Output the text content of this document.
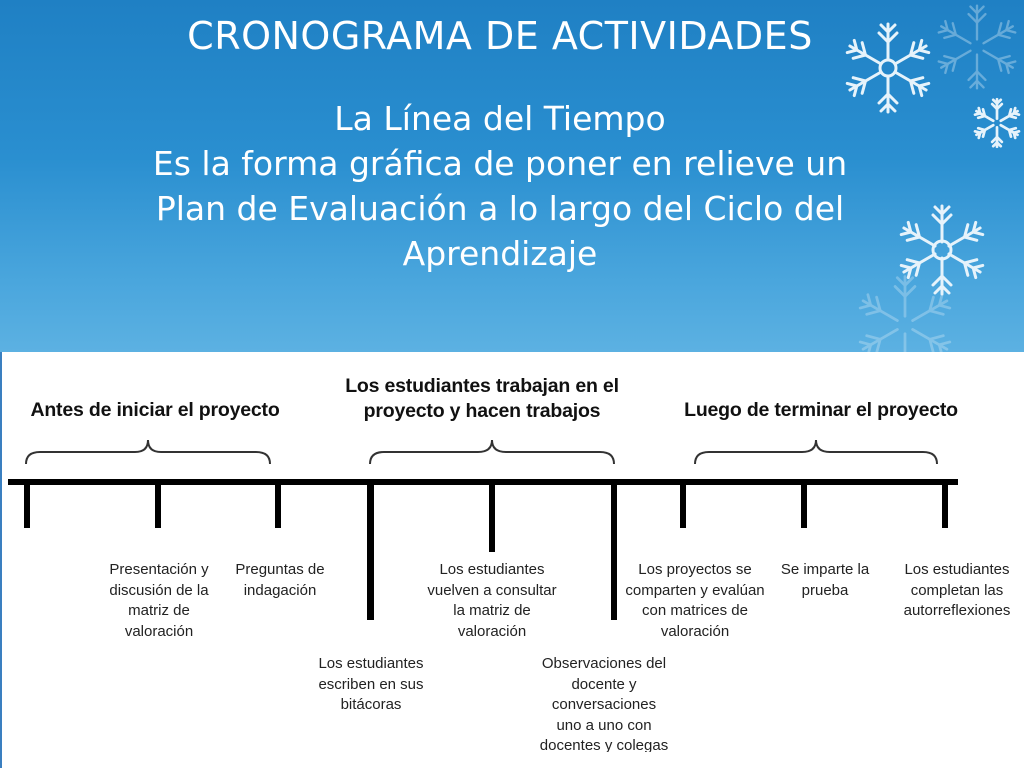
CRONOGRAMA DE ACTIVIDADES
La Línea del Tiempo
Es la forma gráfica de poner en relieve un
Plan de Evaluación a lo largo del Ciclo del
Aprendizaje
Antes de iniciar el proyecto
Los estudiantes trabajan en el
proyecto y hacen trabajos	Luego de terminar el proyecto
Presentación y
discusión de la
matriz de
valoración
Preguntas de
indagación
Los estudiantes
escriben en sus
bitácoras
Los estudiantes
vuelven a consultar
la matriz de
valoración
Observaciones del
docente y
conversaciones
uno a uno con
docentes y colegas
Los proyectos se
comparten y evalúan
con matrices de
valoración
Se imparte la
prueba
Los estudiantes
completan las
autorreflexiones
